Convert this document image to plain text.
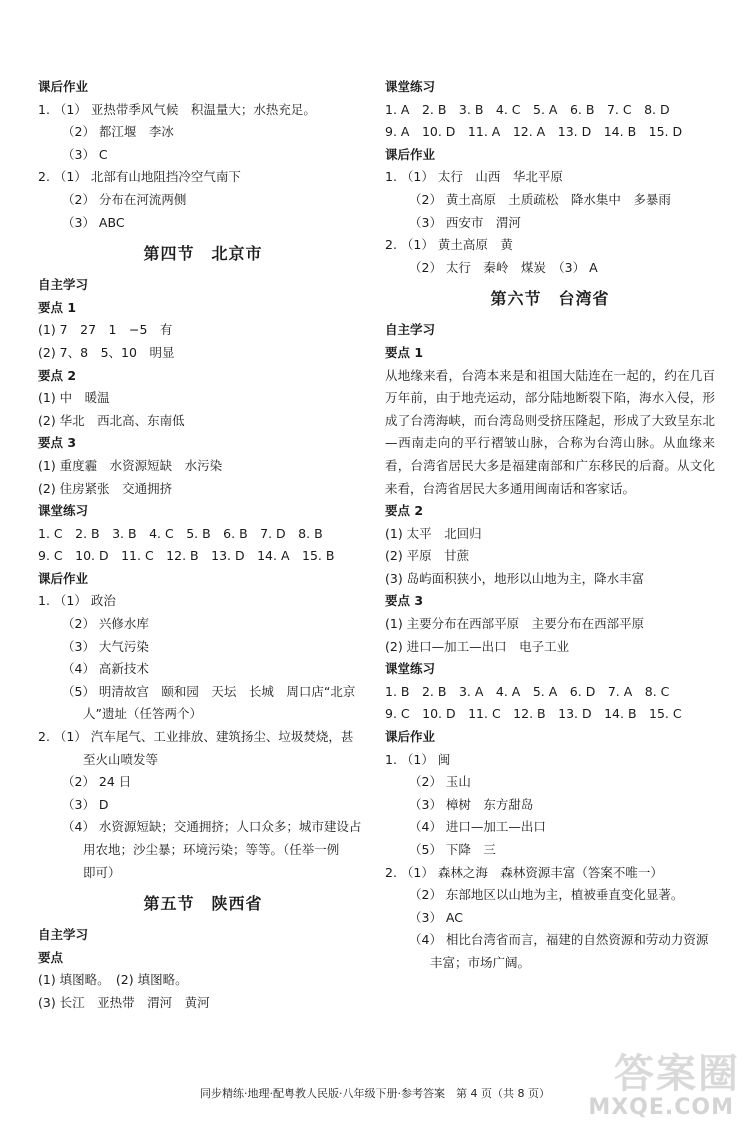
课后作业
1. （1） 亚热带季风气候　积温量大；水热充足。
（2） 都江堰　李冰
（3） C
2. （1） 北部有山地阻挡冷空气南下
（2） 分布在河流两侧
（3） ABC
第四节　北京市
自主学习
要点 1
(1) 7　27　1　−5　有
(2) 7、8　5、10　明显
要点 2
(1) 中　暖温
(2) 华北　西北高、东南低
要点 3
(1) 重度霾　水资源短缺　水污染
(2) 住房紧张　交通拥挤
课堂练习
1. C　2. B　3. B　4. C　5. B　6. B　7. D　8. B
9. C　10. D　11. C　12. B　13. D　14. A　15. B
课后作业
1. （1） 政治
（2） 兴修水库
（3） 大气污染
（4） 高新技术
（5） 明清故宫　颐和园　天坛　长城　周口店“北京
人”遗址（任答两个）
2. （1） 汽车尾气、工业排放、建筑扬尘、垃圾焚烧，甚
至火山喷发等
（2） 24 日
（3） D
（4） 水资源短缺；交通拥挤；人口众多；城市建设占
用农地；沙尘暴；环境污染；等等。（任举一例
即可）
第五节　陕西省
自主学习
要点
(1) 填图略。　(2) 填图略。
(3) 长江　亚热带　渭河　黄河
课堂练习
1. A　2. B　3. B　4. C　5. A　6. B　7. C　8. D
9. A　10. D　11. A　12. A　13. D　14. B　15. D
课后作业
1. （1） 太行　山西　华北平原
（2） 黄土高原　土质疏松　降水集中　多暴雨
（3） 西安市　渭河
2. （1） 黄土高原　黄
（2） 太行　秦岭　煤炭　（3） A
第六节　台湾省
自主学习
要点 1
从地缘来看，台湾本来是和祖国大陆连在一起的，约在几百万年前，由于地壳运动，部分陆地断裂下陷，海水入侵，形成了台湾海峡，而台湾岛则受挤压隆起，形成了大致呈东北—西南走向的平行褶皱山脉，合称为台湾山脉。从血缘来看，台湾省居民大多是福建南部和广东移民的后裔。从文化来看，台湾省居民大多通用闽南话和客家话。
要点 2
(1) 太平　北回归
(2) 平原　甘蔗
(3) 岛屿面积狭小，地形以山地为主，降水丰富
要点 3
(1) 主要分布在西部平原　主要分布在西部平原
(2) 进口—加工—出口　电子工业
课堂练习
1. B　2. B　3. A　4. A　5. A　6. D　7. A　8. C
9. C　10. D　11. C　12. B　13. D　14. B　15. C
课后作业
1. （1） 闽
（2） 玉山
（3） 樟树　东方甜岛
（4） 进口—加工—出口
（5） 下降　三
2. （1） 森林之海　森林资源丰富（答案不唯一）
（2） 东部地区以山地为主，植被垂直变化显著。
（3） AC
（4） 相比台湾省而言，福建的自然资源和劳动力资源
丰富；市场广阔。
同步精练·地理·配粤教人民版·八年级下册·参考答案　第 4 页（共 8 页）	答案圈
MXQE.COM
